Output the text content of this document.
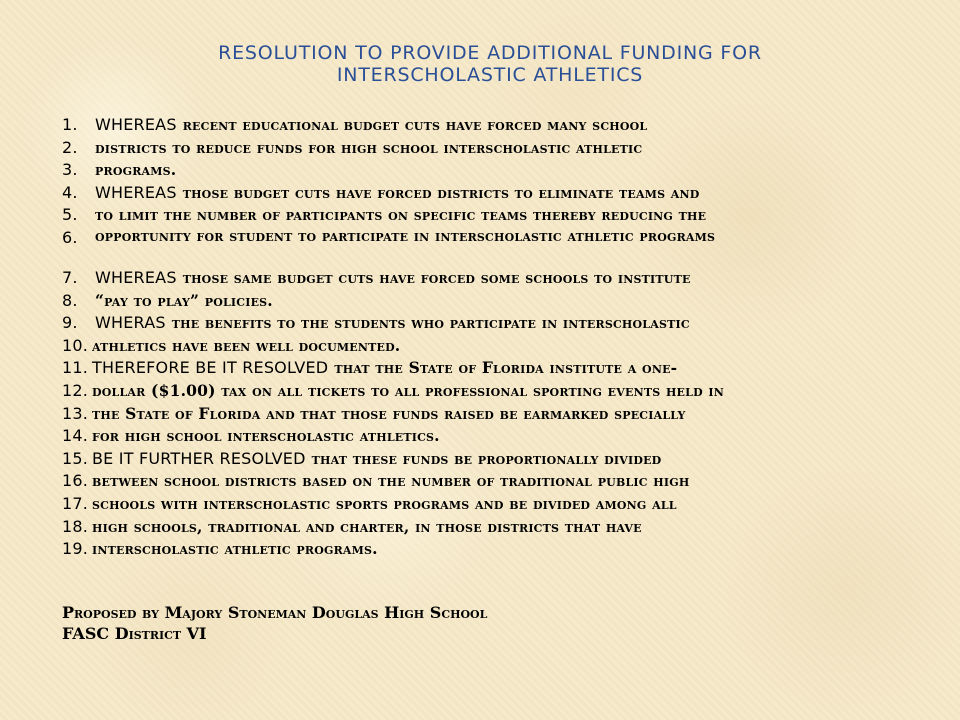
RESOLUTION TO PROVIDE ADDITIONAL FUNDING FOR
INTERSCHOLASTIC ATHLETICS
1.	WHEREAS recent educational budget cuts have forced many school
2.	districts to reduce funds for high school interscholastic athletic
3.	programs.
4.	WHEREAS those budget cuts have forced districts to eliminate teams and
5.	to limit the number of participants on specific teams thereby reducing the
6.	opportunity for student to participate in interscholastic athletic programs
7.	WHEREAS those same budget cuts have forced some schools to institute
8.	“pay to play” policies.
9.	WHERAS the benefits to the students who participate in interscholastic
10. athletics have been well documented.
11. THEREFORE BE IT RESOLVED that the State of Florida institute a one-
12. dollar ($1.00) tax on all tickets to all professional sporting events held in
13. the State of Florida and that those funds raised be earmarked specially
14. for high school interscholastic athletics.
15. BE IT FURTHER RESOLVED that these funds be proportionally divided
16. between school districts based on the number of traditional public high
17. schools with interscholastic sports programs and be divided among all
18. high schools, traditional and charter, in those districts that have
19. interscholastic athletic programs.
Proposed by Majory Stoneman Douglas High School
FASC District VI
